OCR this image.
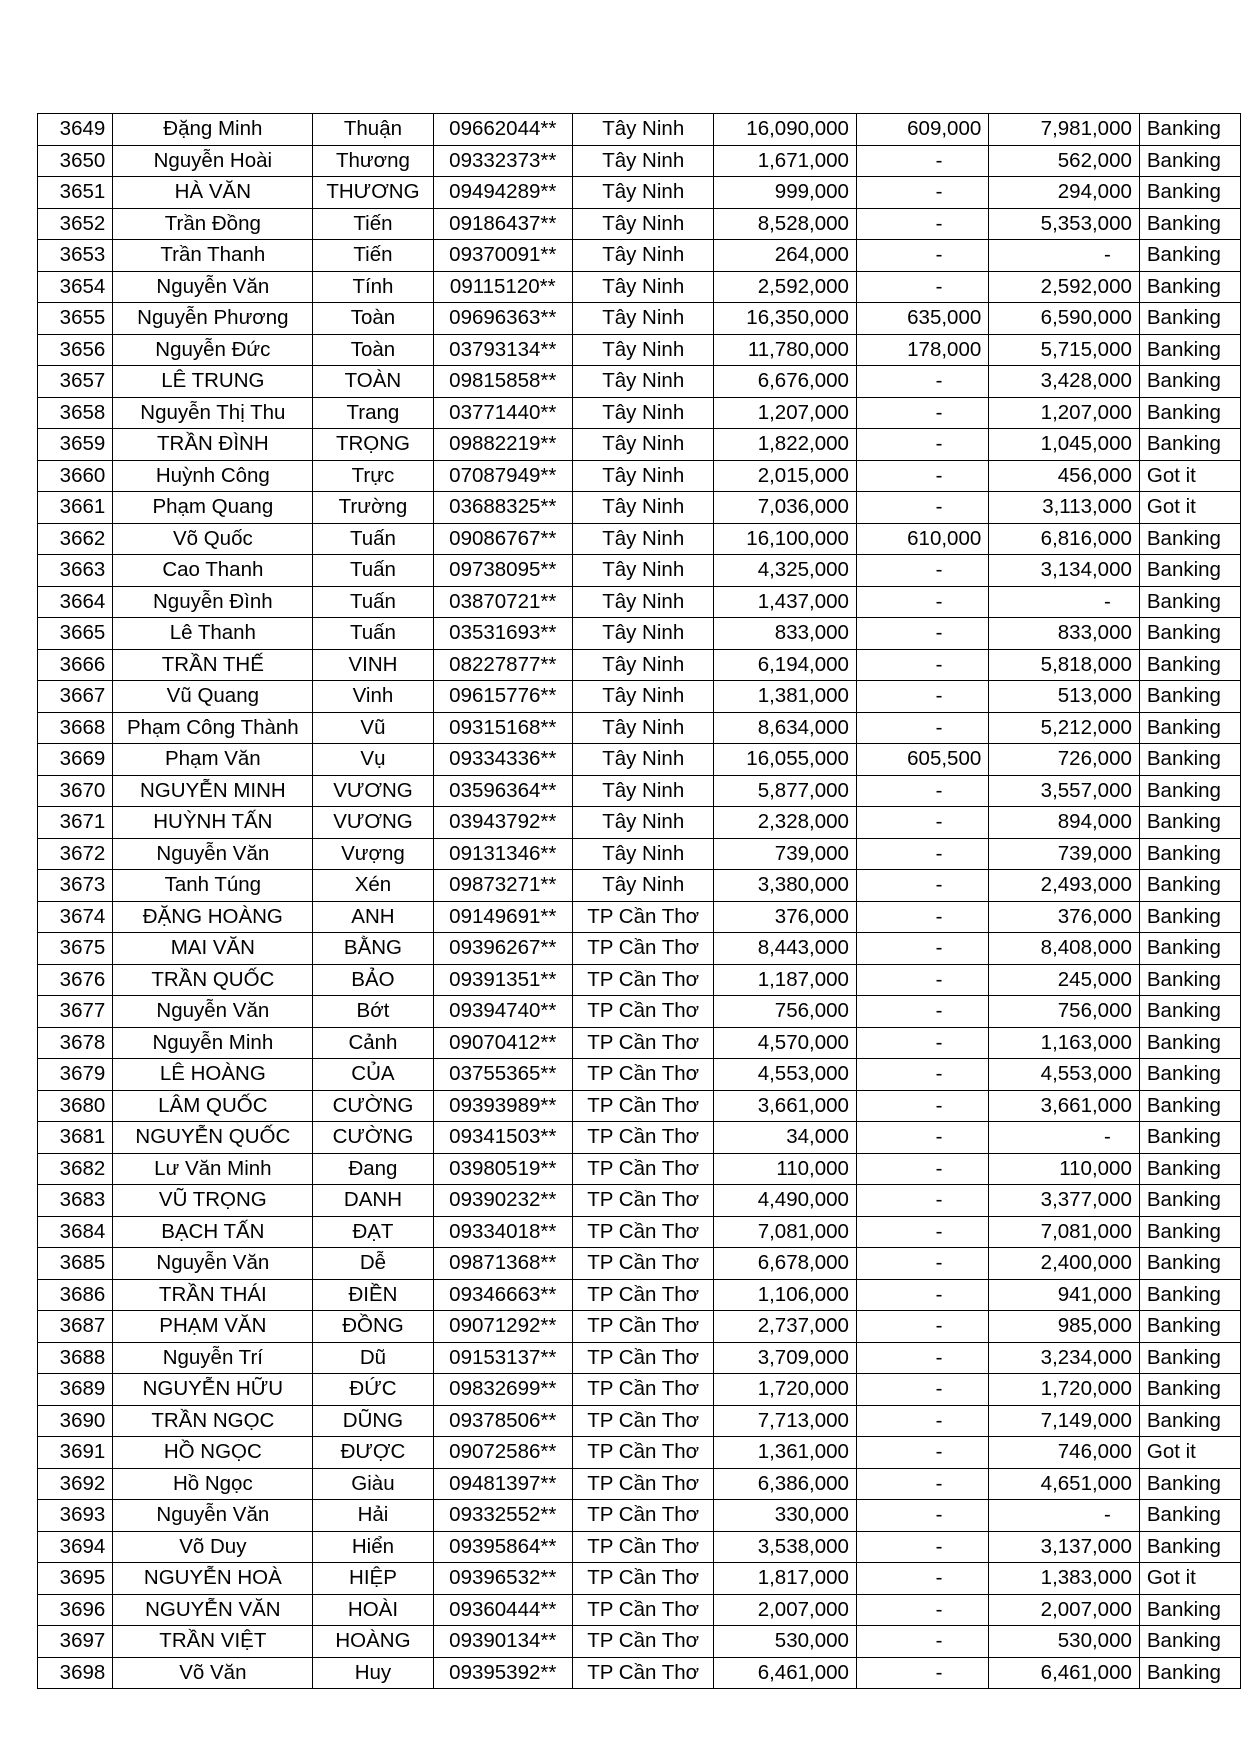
3649	Đặng Minh	Thuận	09662044**	Tây Ninh	16,090,000	609,000	7,981,000	Banking
3650	Nguyễn Hoài	Thương	09332373**	Tây Ninh	1,671,000	-	562,000	Banking
3651	HÀ VĂN	THƯƠNG	09494289**	Tây Ninh	999,000	-	294,000	Banking
3652	Trần Đồng	Tiến	09186437**	Tây Ninh	8,528,000	-	5,353,000	Banking
3653	Trần Thanh	Tiến	09370091**	Tây Ninh	264,000	-	-	Banking
3654	Nguyễn Văn	Tính	09115120**	Tây Ninh	2,592,000	-	2,592,000	Banking
3655	Nguyễn Phương	Toàn	09696363**	Tây Ninh	16,350,000	635,000	6,590,000	Banking
3656	Nguyễn Đức	Toàn	03793134**	Tây Ninh	11,780,000	178,000	5,715,000	Banking
3657	LÊ TRUNG	TOÀN	09815858**	Tây Ninh	6,676,000	-	3,428,000	Banking
3658	Nguyễn Thị Thu	Trang	03771440**	Tây Ninh	1,207,000	-	1,207,000	Banking
3659	TRẦN ĐÌNH	TRỌNG	09882219**	Tây Ninh	1,822,000	-	1,045,000	Banking
3660	Huỳnh Công	Trực	07087949**	Tây Ninh	2,015,000	-	456,000	Got it
3661	Phạm Quang	Trường	03688325**	Tây Ninh	7,036,000	-	3,113,000	Got it
3662	Võ Quốc	Tuấn	09086767**	Tây Ninh	16,100,000	610,000	6,816,000	Banking
3663	Cao Thanh	Tuấn	09738095**	Tây Ninh	4,325,000	-	3,134,000	Banking
3664	Nguyễn Đình	Tuấn	03870721**	Tây Ninh	1,437,000	-	-	Banking
3665	Lê Thanh	Tuấn	03531693**	Tây Ninh	833,000	-	833,000	Banking
3666	TRẦN THẾ	VINH	08227877**	Tây Ninh	6,194,000	-	5,818,000	Banking
3667	Vũ Quang	Vinh	09615776**	Tây Ninh	1,381,000	-	513,000	Banking
3668	Phạm Công Thành	Vũ	09315168**	Tây Ninh	8,634,000	-	5,212,000	Banking
3669	Phạm Văn	Vụ	09334336**	Tây Ninh	16,055,000	605,500	726,000	Banking
3670	NGUYỄN MINH	VƯƠNG	03596364**	Tây Ninh	5,877,000	-	3,557,000	Banking
3671	HUỲNH TẤN	VƯƠNG	03943792**	Tây Ninh	2,328,000	-	894,000	Banking
3672	Nguyễn Văn	Vượng	09131346**	Tây Ninh	739,000	-	739,000	Banking
3673	Tanh Túng	Xén	09873271**	Tây Ninh	3,380,000	-	2,493,000	Banking
3674	ĐẶNG HOÀNG	ANH	09149691**	TP Cần Thơ	376,000	-	376,000	Banking
3675	MAI VĂN	BẰNG	09396267**	TP Cần Thơ	8,443,000	-	8,408,000	Banking
3676	TRẦN QUỐC	BẢO	09391351**	TP Cần Thơ	1,187,000	-	245,000	Banking
3677	Nguyễn Văn	Bớt	09394740**	TP Cần Thơ	756,000	-	756,000	Banking
3678	Nguyễn Minh	Cảnh	09070412**	TP Cần Thơ	4,570,000	-	1,163,000	Banking
3679	LÊ HOÀNG	CỦA	03755365**	TP Cần Thơ	4,553,000	-	4,553,000	Banking
3680	LÂM QUỐC	CƯỜNG	09393989**	TP Cần Thơ	3,661,000	-	3,661,000	Banking
3681	NGUYỄN QUỐC	CƯỜNG	09341503**	TP Cần Thơ	34,000	-	-	Banking
3682	Lư Văn Minh	Đang	03980519**	TP Cần Thơ	110,000	-	110,000	Banking
3683	VŨ TRỌNG	DANH	09390232**	TP Cần Thơ	4,490,000	-	3,377,000	Banking
3684	BẠCH TẤN	ĐẠT	09334018**	TP Cần Thơ	7,081,000	-	7,081,000	Banking
3685	Nguyễn Văn	Dễ	09871368**	TP Cần Thơ	6,678,000	-	2,400,000	Banking
3686	TRẦN THÁI	ĐIỀN	09346663**	TP Cần Thơ	1,106,000	-	941,000	Banking
3687	PHẠM VĂN	ĐỒNG	09071292**	TP Cần Thơ	2,737,000	-	985,000	Banking
3688	Nguyễn Trí	Dũ	09153137**	TP Cần Thơ	3,709,000	-	3,234,000	Banking
3689	NGUYỄN HỮU	ĐỨC	09832699**	TP Cần Thơ	1,720,000	-	1,720,000	Banking
3690	TRẦN NGỌC	DŨNG	09378506**	TP Cần Thơ	7,713,000	-	7,149,000	Banking
3691	HỒ NGỌC	ĐƯỢC	09072586**	TP Cần Thơ	1,361,000	-	746,000	Got it
3692	Hồ Ngọc	Giàu	09481397**	TP Cần Thơ	6,386,000	-	4,651,000	Banking
3693	Nguyễn Văn	Hải	09332552**	TP Cần Thơ	330,000	-	-	Banking
3694	Võ Duy	Hiển	09395864**	TP Cần Thơ	3,538,000	-	3,137,000	Banking
3695	NGUYỄN HOÀ	HIỆP	09396532**	TP Cần Thơ	1,817,000	-	1,383,000	Got it
3696	NGUYỄN VĂN	HOÀI	09360444**	TP Cần Thơ	2,007,000	-	2,007,000	Banking
3697	TRẦN VIỆT	HOÀNG	09390134**	TP Cần Thơ	530,000	-	530,000	Banking
3698	Võ Văn	Huy	09395392**	TP Cần Thơ	6,461,000	-	6,461,000	Banking
